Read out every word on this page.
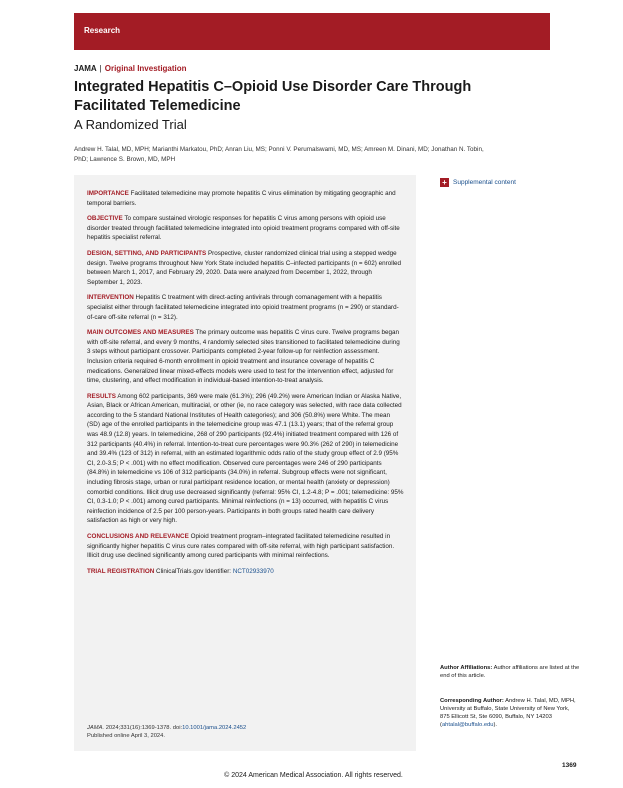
Research
JAMA | Original Investigation
Integrated Hepatitis C–Opioid Use Disorder Care Through Facilitated Telemedicine
A Randomized Trial
Andrew H. Talal, MD, MPH; Marianthi Markatou, PhD; Anran Liu, MS; Ponni V. Perumalswami, MD, MS; Amreen M. Dinani, MD; Jonathan N. Tobin, PhD; Lawrence S. Brown, MD, MPH
+ Supplemental content

IMPORTANCE Facilitated telemedicine may promote hepatitis C virus elimination by mitigating geographic and temporal barriers.

OBJECTIVE To compare sustained virologic responses for hepatitis C virus among persons with opioid use disorder treated through facilitated telemedicine integrated into opioid treatment programs compared with off-site hepatitis specialist referral.

DESIGN, SETTING, AND PARTICIPANTS Prospective, cluster randomized clinical trial using a stepped wedge design. Twelve programs throughout New York State included hepatitis C–infected participants (n = 602) enrolled between March 1, 2017, and February 29, 2020. Data were analyzed from December 1, 2022, through September 1, 2023.

INTERVENTION Hepatitis C treatment with direct-acting antivirals through comanagement with a hepatitis specialist either through facilitated telemedicine integrated into opioid treatment programs (n = 290) or standard-of-care off-site referral (n = 312).

MAIN OUTCOMES AND MEASURES The primary outcome was hepatitis C virus cure. Twelve programs began with off-site referral, and every 9 months, 4 randomly selected sites transitioned to facilitated telemedicine during 3 steps without participant crossover. Participants completed 2-year follow-up for reinfection assessment. Inclusion criteria required 6-month enrollment in opioid treatment and insurance coverage of hepatitis C medications. Generalized linear mixed-effects models were used to test for the intervention effect, adjusted for time, clustering, and effect modification in individual-based intention-to-treat analysis.

RESULTS Among 602 participants, 369 were male (61.3%); 296 (49.2%) were American Indian or Alaska Native, Asian, Black or African American, multiracial, or other (ie, no race category was selected, with race data collected according to the 5 standard National Institutes of Health categories); and 306 (50.8%) were White. The mean (SD) age of the enrolled participants in the telemedicine group was 47.1 (13.1) years; that of the referral group was 48.9 (12.8) years. In telemedicine, 268 of 290 participants (92.4%) initiated treatment compared with 126 of 312 participants (40.4%) in referral. Intention-to-treat cure percentages were 90.3% (262 of 290) in telemedicine and 39.4% (123 of 312) in referral, with an estimated logarithmic odds ratio of the study group effect of 2.9 (95% CI, 2.0-3.5; P < .001) with no effect modification. Observed cure percentages were 246 of 290 participants (84.8%) in telemedicine vs 106 of 312 participants (34.0%) in referral. Subgroup effects were not significant, including fibrosis stage, urban or rural participant residence location, or mental health (anxiety or depression) comorbid conditions. Illicit drug use decreased significantly (referral: 95% CI, 1.2-4.8; P = .001; telemedicine: 95% CI, 0.3-1.0; P < .001) among cured participants. Minimal reinfections (n = 13) occurred, with hepatitis C virus reinfection incidence of 2.5 per 100 person-years. Participants in both groups rated health care delivery satisfaction as high or very high.

CONCLUSIONS AND RELEVANCE Opioid treatment program–integrated facilitated telemedicine resulted in significantly higher hepatitis C virus cure rates compared with off-site referral, with high participant satisfaction. Illicit drug use declined significantly among cured participants with minimal reinfections.

TRIAL REGISTRATION ClinicalTrials.gov Identifier: NCT02933970

JAMA. 2024;331(16):1369-1378. doi:10.1001/jama.2024.2452
Published online April 3, 2024.
Author Affiliations: Author affiliations are listed at the end of this article.
Corresponding Author: Andrew H. Talal, MD, MPH, University at Buffalo, State University of New York, 875 Ellicott St, Ste 6090, Buffalo, NY 14203 (ahtalal@buffalo.edu).
1369
© 2024 American Medical Association. All rights reserved.
